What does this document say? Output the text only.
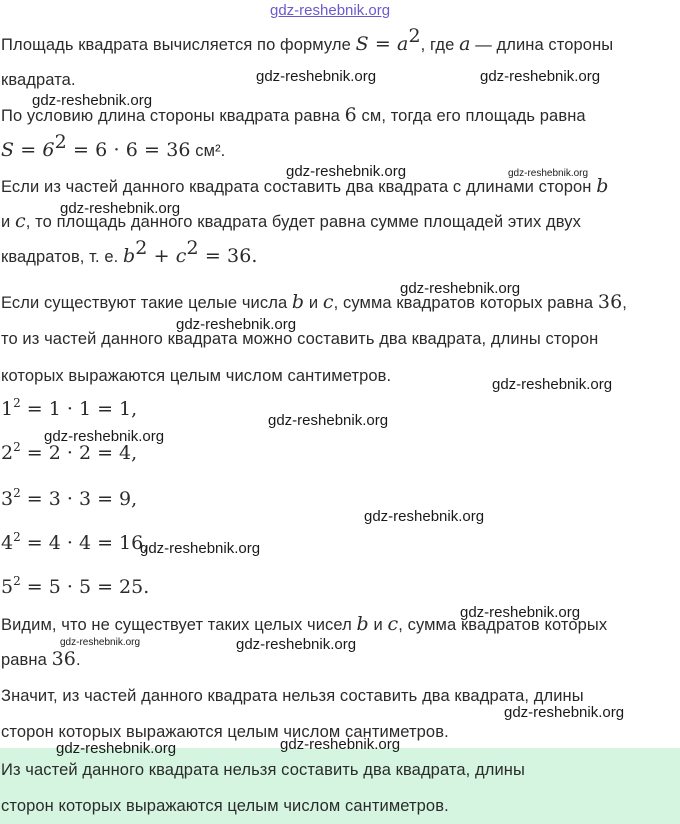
gdz-reshebnik.org
Площадь квадрата вычисляется по формуле $S = a^2$, где a — длина стороны
квадрата.
По условию длина стороны квадрата равна 6 см, тогда его площадь равна
$S = 6^2 = 6 \cdot 6 = 36$ см².
Если из частей данного квадрата составить два квадрата с длинами сторон b
и c, то площадь данного квадрата будет равна сумме площадей этих двух
квадратов, т. е. $b^2 + c^2 = 36$.
Если существуют такие целые числа b и c, сумма квадратов которых равна 36,
то из частей данного квадрата можно составить два квадрата, длины сторон
которых выражаются целым числом сантиметров.
$1^2 = 1 \cdot 1 = 1$,
$2^2 = 2 \cdot 2 = 4$,
$3^2 = 3 \cdot 3 = 9$,
$4^2 = 4 \cdot 4 = 16$,
$5^2 = 5 \cdot 5 = 25$.
Видим, что не существует таких целых чисел b и c, сумма квадратов которых
равна 36.
Значит, из частей данного квадрата нельзя составить два квадрата, длины
сторон которых выражаются целым числом сантиметров.
Из частей данного квадрата нельзя составить два квадрата, длины
сторон которых выражаются целым числом сантиметров.
gdz-reshebnik.org	gdz-reshebnik.org
gdz-reshebnik.org
gdz-reshebnik.org	gdz-reshebnik.org
gdz-reshebnik.org
gdz-reshebnik.org
gdz-reshebnik.org
gdz-reshebnik.org
gdz-reshebnik.org
gdz-reshebnik.org
gdz-reshebnik.org
gdz-reshebnik.org
gdz-reshebnik.org
gdz-reshebnik.org	gdz-reshebnik.org
gdz-reshebnik.org
gdz-reshebnik.org
gdz-reshebnik.org
